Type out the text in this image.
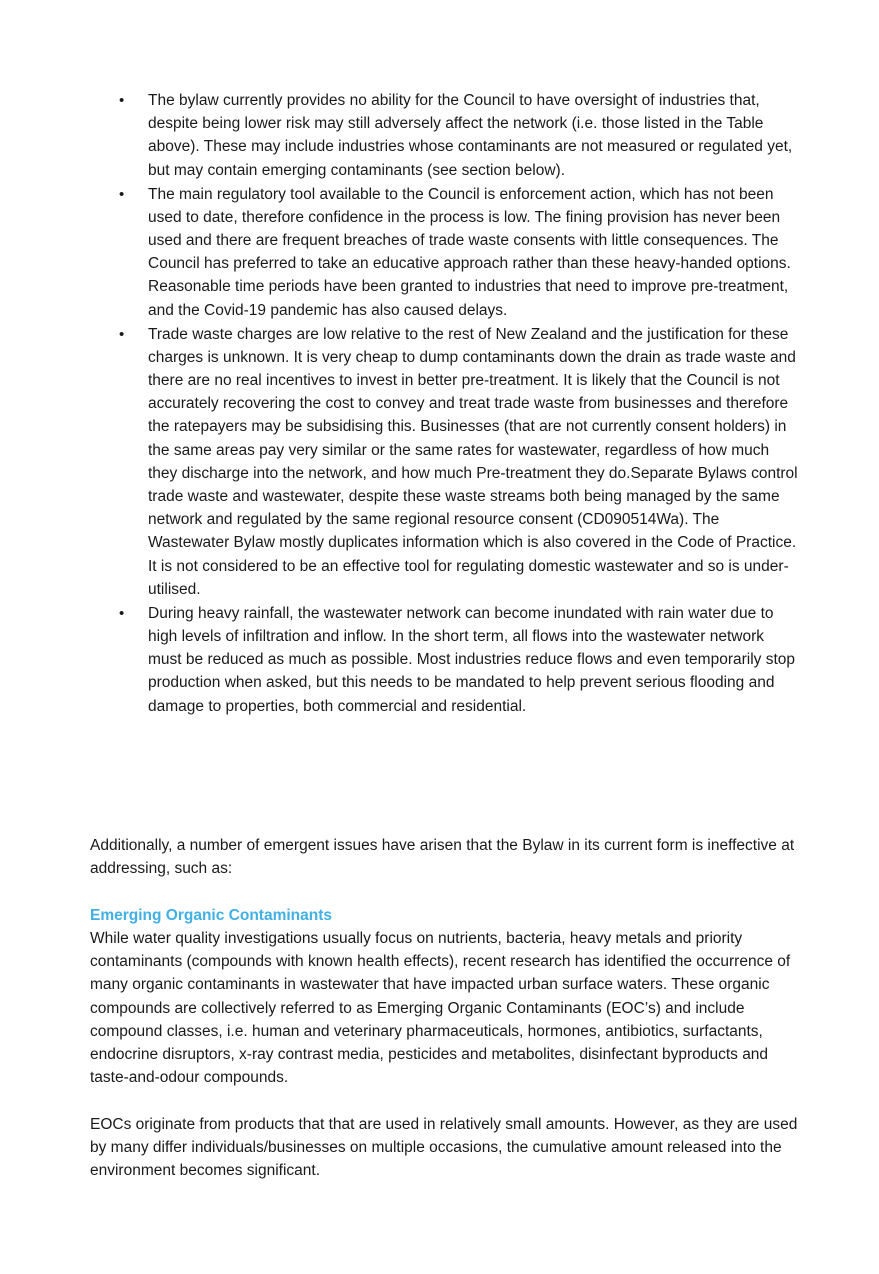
• The bylaw currently provides no ability for the Council to have oversight of industries that, despite being lower risk may still adversely affect the network (i.e. those listed in the Table above). These may include industries whose contaminants are not measured or regulated yet, but may contain emerging contaminants (see section below).
• The main regulatory tool available to the Council is enforcement action, which has not been used to date, therefore confidence in the process is low. The fining provision has never been used and there are frequent breaches of trade waste consents with little consequences. The Council has preferred to take an educative approach rather than these heavy-handed options. Reasonable time periods have been granted to industries that need to improve pre-treatment, and the Covid-19 pandemic has also caused delays.
• Trade waste charges are low relative to the rest of New Zealand and the justification for these charges is unknown. It is very cheap to dump contaminants down the drain as trade waste and there are no real incentives to invest in better pre-treatment. It is likely that the Council is not accurately recovering the cost to convey and treat trade waste from businesses and therefore the ratepayers may be subsidising this. Businesses (that are not currently consent holders) in the same areas pay very similar or the same rates for wastewater, regardless of how much they discharge into the network, and how much Pre-treatment they do.Separate Bylaws control trade waste and wastewater, despite these waste streams both being managed by the same network and regulated by the same regional resource consent (CD090514Wa). The Wastewater Bylaw mostly duplicates information which is also covered in the Code of Practice. It is not considered to be an effective tool for regulating domestic wastewater and so is under-utilised.
• During heavy rainfall, the wastewater network can become inundated with rain water due to high levels of infiltration and inflow. In the short term, all flows into the wastewater network must be reduced as much as possible. Most industries reduce flows and even temporarily stop production when asked, but this needs to be mandated to help prevent serious flooding and damage to properties, both commercial and residential.

Additionally, a number of emergent issues have arisen that the Bylaw in its current form is ineffective at addressing, such as:

Emerging Organic Contaminants

While water quality investigations usually focus on nutrients, bacteria, heavy metals and priority contaminants (compounds with known health effects), recent research has identified the occurrence of many organic contaminants in wastewater that have impacted urban surface waters. These organic compounds are collectively referred to as Emerging Organic Contaminants (EOC’s) and include compound classes, i.e. human and veterinary pharmaceuticals, hormones, antibiotics, surfactants, endocrine disruptors, x-ray contrast media, pesticides and metabolites, disinfectant byproducts and taste-and-odour compounds.

EOCs originate from products that that are used in relatively small amounts. However, as they are used by many differ individuals/businesses on multiple occasions, the cumulative amount released into the environment becomes significant.
